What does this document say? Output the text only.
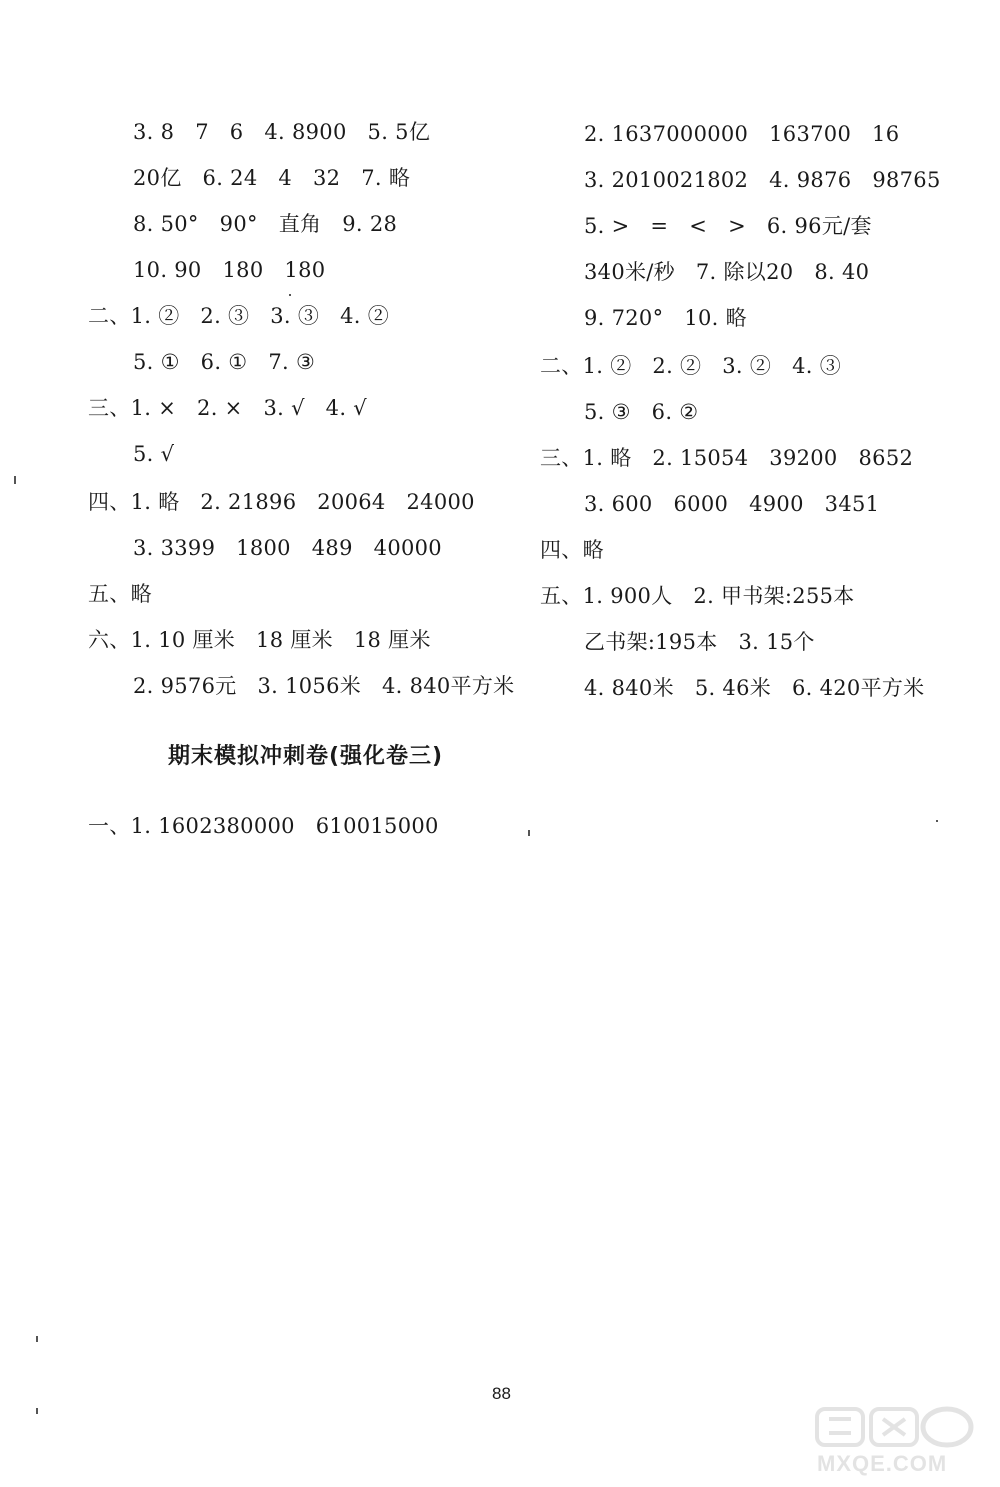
3. 8   7   6   4. 8900   5. 5亿
20亿   6. 24   4   32   7. 略
8. 50°   90°   直角   9. 28
10. 90   180   180
二、1. ②   2. ③   3. ③   4. ②
5. ①   6. ①   7. ③
三、1. ×   2. ×   3. √   4. √
5. √
四、1. 略   2. 21896   20064   24000
3. 3399   1800   489   40000
五、略
六、1. 10 厘米   18 厘米   18 厘米
2. 9576元   3. 1056米   4. 840平方米
期末模拟冲刺卷(强化卷三)
一、1. 1602380000   610015000
2. 1637000000   163700   16
3. 2010021802   4. 9876   98765
5. >   =   <   >   6. 96元/套
340米/秒   7. 除以20   8. 40
9. 720°   10. 略
二、1. ②   2. ②   3. ②   4. ③
5. ③   6. ②
三、1. 略   2. 15054   39200   8652
3. 600   6000   4900   3451
四、略
五、1. 900人   2. 甲书架:255本
乙书架:195本   3. 15个
4. 840米   5. 46米   6. 420平方米
88
MXQE.COM
